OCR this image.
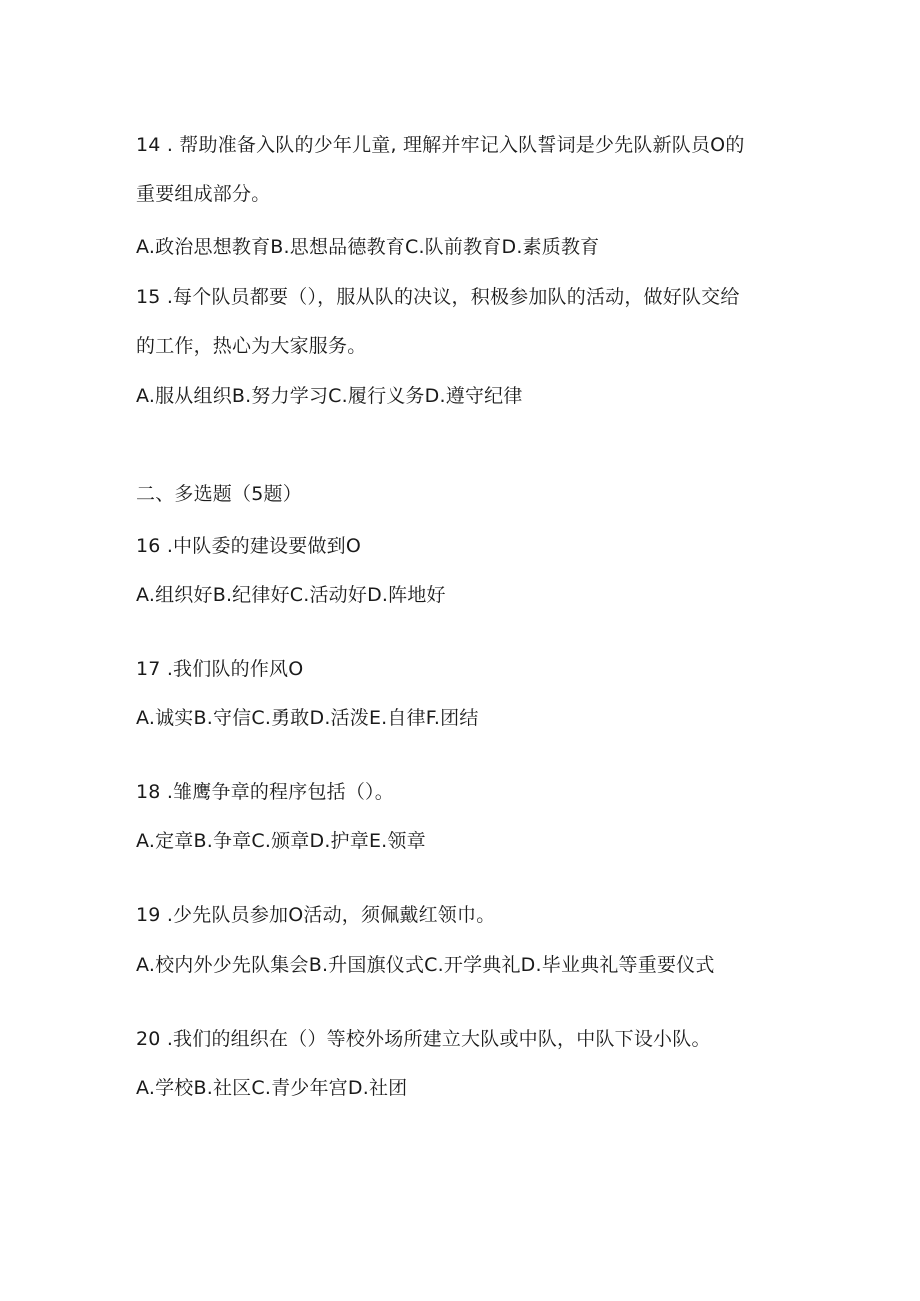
14 . 帮助准备入队的少年儿童, 理解并牢记入队誓词是少先队新队员O的
重要组成部分。
A.政治思想教育B.思想品德教育C.队前教育D.素质教育
15 .每个队员都要（），服从队的决议，积极参加队的活动，做好队交给
的工作，热心为大家服务。
A.服从组织B.努力学习C.履行义务D.遵守纪律
二、多选题（5题）
16 .中队委的建设要做到O
A.组织好B.纪律好C.活动好D.阵地好
17 .我们队的作风O
A.诚实B.守信C.勇敢D.活泼E.自律F.团结
18 .雏鹰争章的程序包括（）。
A.定章B.争章C.颁章D.护章E.领章
19 .少先队员参加O活动，须佩戴红领巾。
A.校内外少先队集会B.升国旗仪式C.开学典礼D.毕业典礼等重要仪式
20 .我们的组织在（）等校外场所建立大队或中队，中队下设小队。
A.学校B.社区C.青少年宫D.社团
